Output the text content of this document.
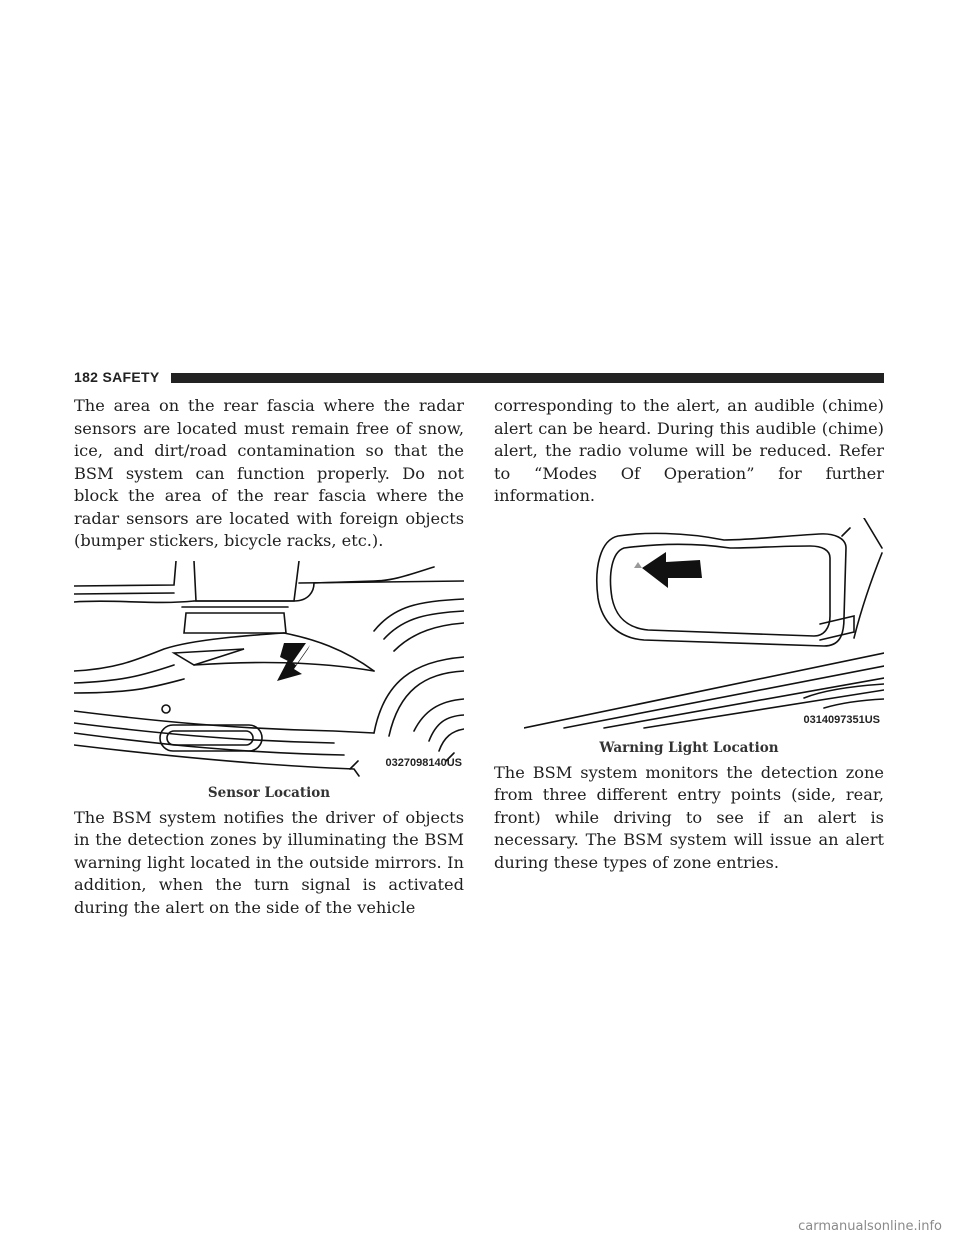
182 SAFETY

The area on the rear fascia where the radar sensors are located must remain free of snow, ice, and dirt/road contamination so that the BSM system can function properly. Do not block the area of the rear fascia where the radar sensors are located with foreign objects (bumper stickers, bicycle racks, etc.).

0327098140US
Sensor Location

The BSM system notifies the driver of objects in the detection zones by illuminating the BSM warning light located in the outside mirrors. In addition, when the turn signal is activated during the alert on the side of the vehicle

corresponding to the alert, an audible (chime) alert can be heard. During this audible (chime) alert, the radio volume will be reduced. Refer to “Modes Of Operation” for further information.

0314097351US
Warning Light Location

The BSM system monitors the detection zone from three different entry points (side, rear, front) while driving to see if an alert is necessary. The BSM system will issue an alert during these types of zone entries.

carmanualsonline.info
